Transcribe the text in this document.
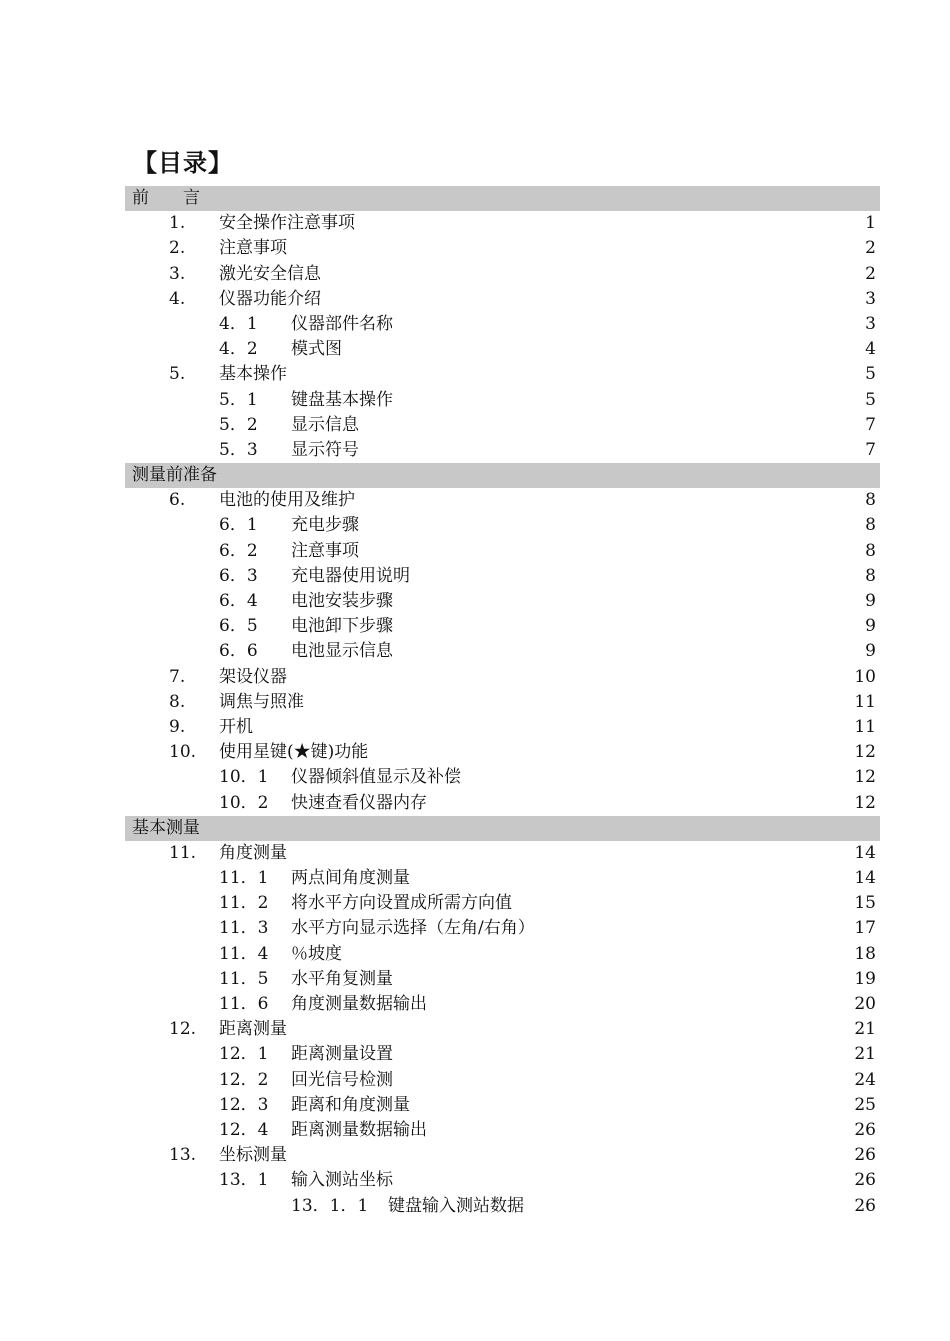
【目录】
前　　言
1. 安全操作注意事项	1
2. 注意事项	2
3. 激光安全信息	2
4. 仪器功能介绍	3
4．1 仪器部件名称	3
4．2 模式图	4
5. 基本操作	5
5．1 键盘基本操作	5
5．2 显示信息	7
5．3 显示符号	7
测量前准备
6. 电池的使用及维护	8
6．1 充电步骤	8
6．2 注意事项	8
6．3 充电器使用说明	8
6．4 电池安装步骤	9
6．5 电池卸下步骤	9
6．6 电池显示信息	9
7. 架设仪器	10
8. 调焦与照准	11
9. 开机	11
10. 使用星键(★键)功能	12
10．1 仪器倾斜值显示及补偿	12
10．2 快速查看仪器内存	12
基本测量
11. 角度测量	14
11．1 两点间角度测量	14
11．2 将水平方向设置成所需方向值	15
11．3 水平方向显示选择（左角/右角）	17
11．4 ％坡度	18
11．5 水平角复测量	19
11．6 角度测量数据输出	20
12. 距离测量	21
12．1 距离测量设置	21
12．2 回光信号检测	24
12．3 距离和角度测量	25
12．4 距离测量数据输出	26
13. 坐标测量	26
13．1 输入测站坐标	26
13．1．1 键盘输入测站数据	26
